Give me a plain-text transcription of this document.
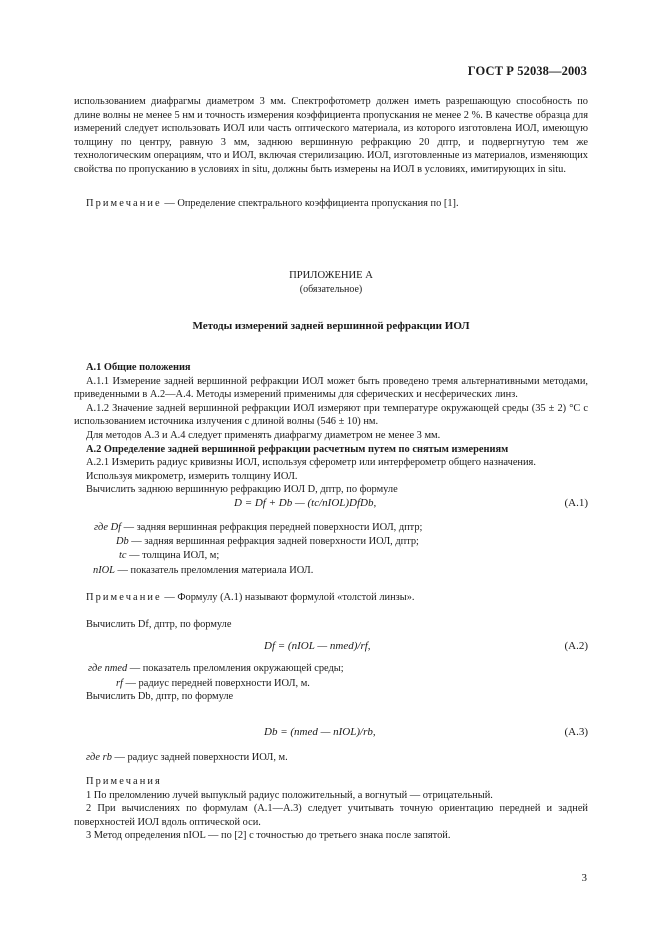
ГОСТ Р 52038—2003

использованием диафрагмы диаметром 3 мм. Спектрофотометр должен иметь разрешающую способность по длине волны не менее 5 нм и точность измерения коэффициента пропускания не менее 2 %. В качестве образца для измерений следует использовать ИОЛ или часть оптического материала, из которого изготовлена ИОЛ, имеющую толщину по центру, равную 3 мм, заднюю вершинную рефракцию 20 дптр, и подвергнутую тем же технологическим операциям, что и ИОЛ, включая стерилизацию. ИОЛ, изготовленные из материалов, изменяющих свойства по пропусканию в условиях in situ, должны быть измерены на ИОЛ в условиях, имитирующих in situ.

Примечание — Определение спектрального коэффициента пропускания по [1].

ПРИЛОЖЕНИЕ А
(обязательное)
Методы измерений задней вершинной рефракции ИОЛ

А.1 Общие положения

А.1.1 Измерение задней вершинной рефракции ИОЛ может быть проведено тремя альтернативными методами, приведенными в А.2—А.4. Методы измерений применимы для сферических и несферических линз.

А.1.2 Значение задней вершинной рефракции ИОЛ измеряют при температуре окружающей среды (35 ± 2) °С с использованием источника излучения с длиной волны (546 ± 10) нм.

Для методов А.3 и А.4 следует применять диафрагму диаметром не менее 3 мм.

А.2 Определение задней вершинной рефракции расчетным путем по снятым измерениям

А.2.1 Измерить радиус кривизны ИОЛ, используя сферометр или интерферометр общего назначения.

Используя микрометр, измерить толщину ИОЛ.

Вычислить заднюю вершинную рефракцию ИОЛ D, дптр, по формуле

D = Df + Db — (tc/nIOL)DfDb,	(А.1)
где Df — задняя вершинная рефракция передней поверхности ИОЛ, дптр;
Db — задняя вершинная рефракция задней поверхности ИОЛ, дптр;
tc — толщина ИОЛ, м;
nIOL — показатель преломления материала ИОЛ.

Примечание — Формулу (А.1) называют формулой «толстой линзы».

Вычислить Df, дптр, по формуле

Df = (nIOL — nmed)/rf,	(А.2)
где nmed — показатель преломления окружающей среды;
rf — радиус передней поверхности ИОЛ, м.

Вычислить Db, дптр, по формуле

Db = (nmed — nIOL)/rb,	(А.3)
где rb — радиус задней поверхности ИОЛ, м.

Примечания

1 По преломлению лучей выпуклый радиус положительный, а вогнутый — отрицательный.

2 При вычислениях по формулам (А.1—А.3) следует учитывать точную ориентацию передней и задней поверхностей ИОЛ вдоль оптической оси.

3 Метод определения nIOL — по [2] с точностью до третьего знака после запятой.

3
